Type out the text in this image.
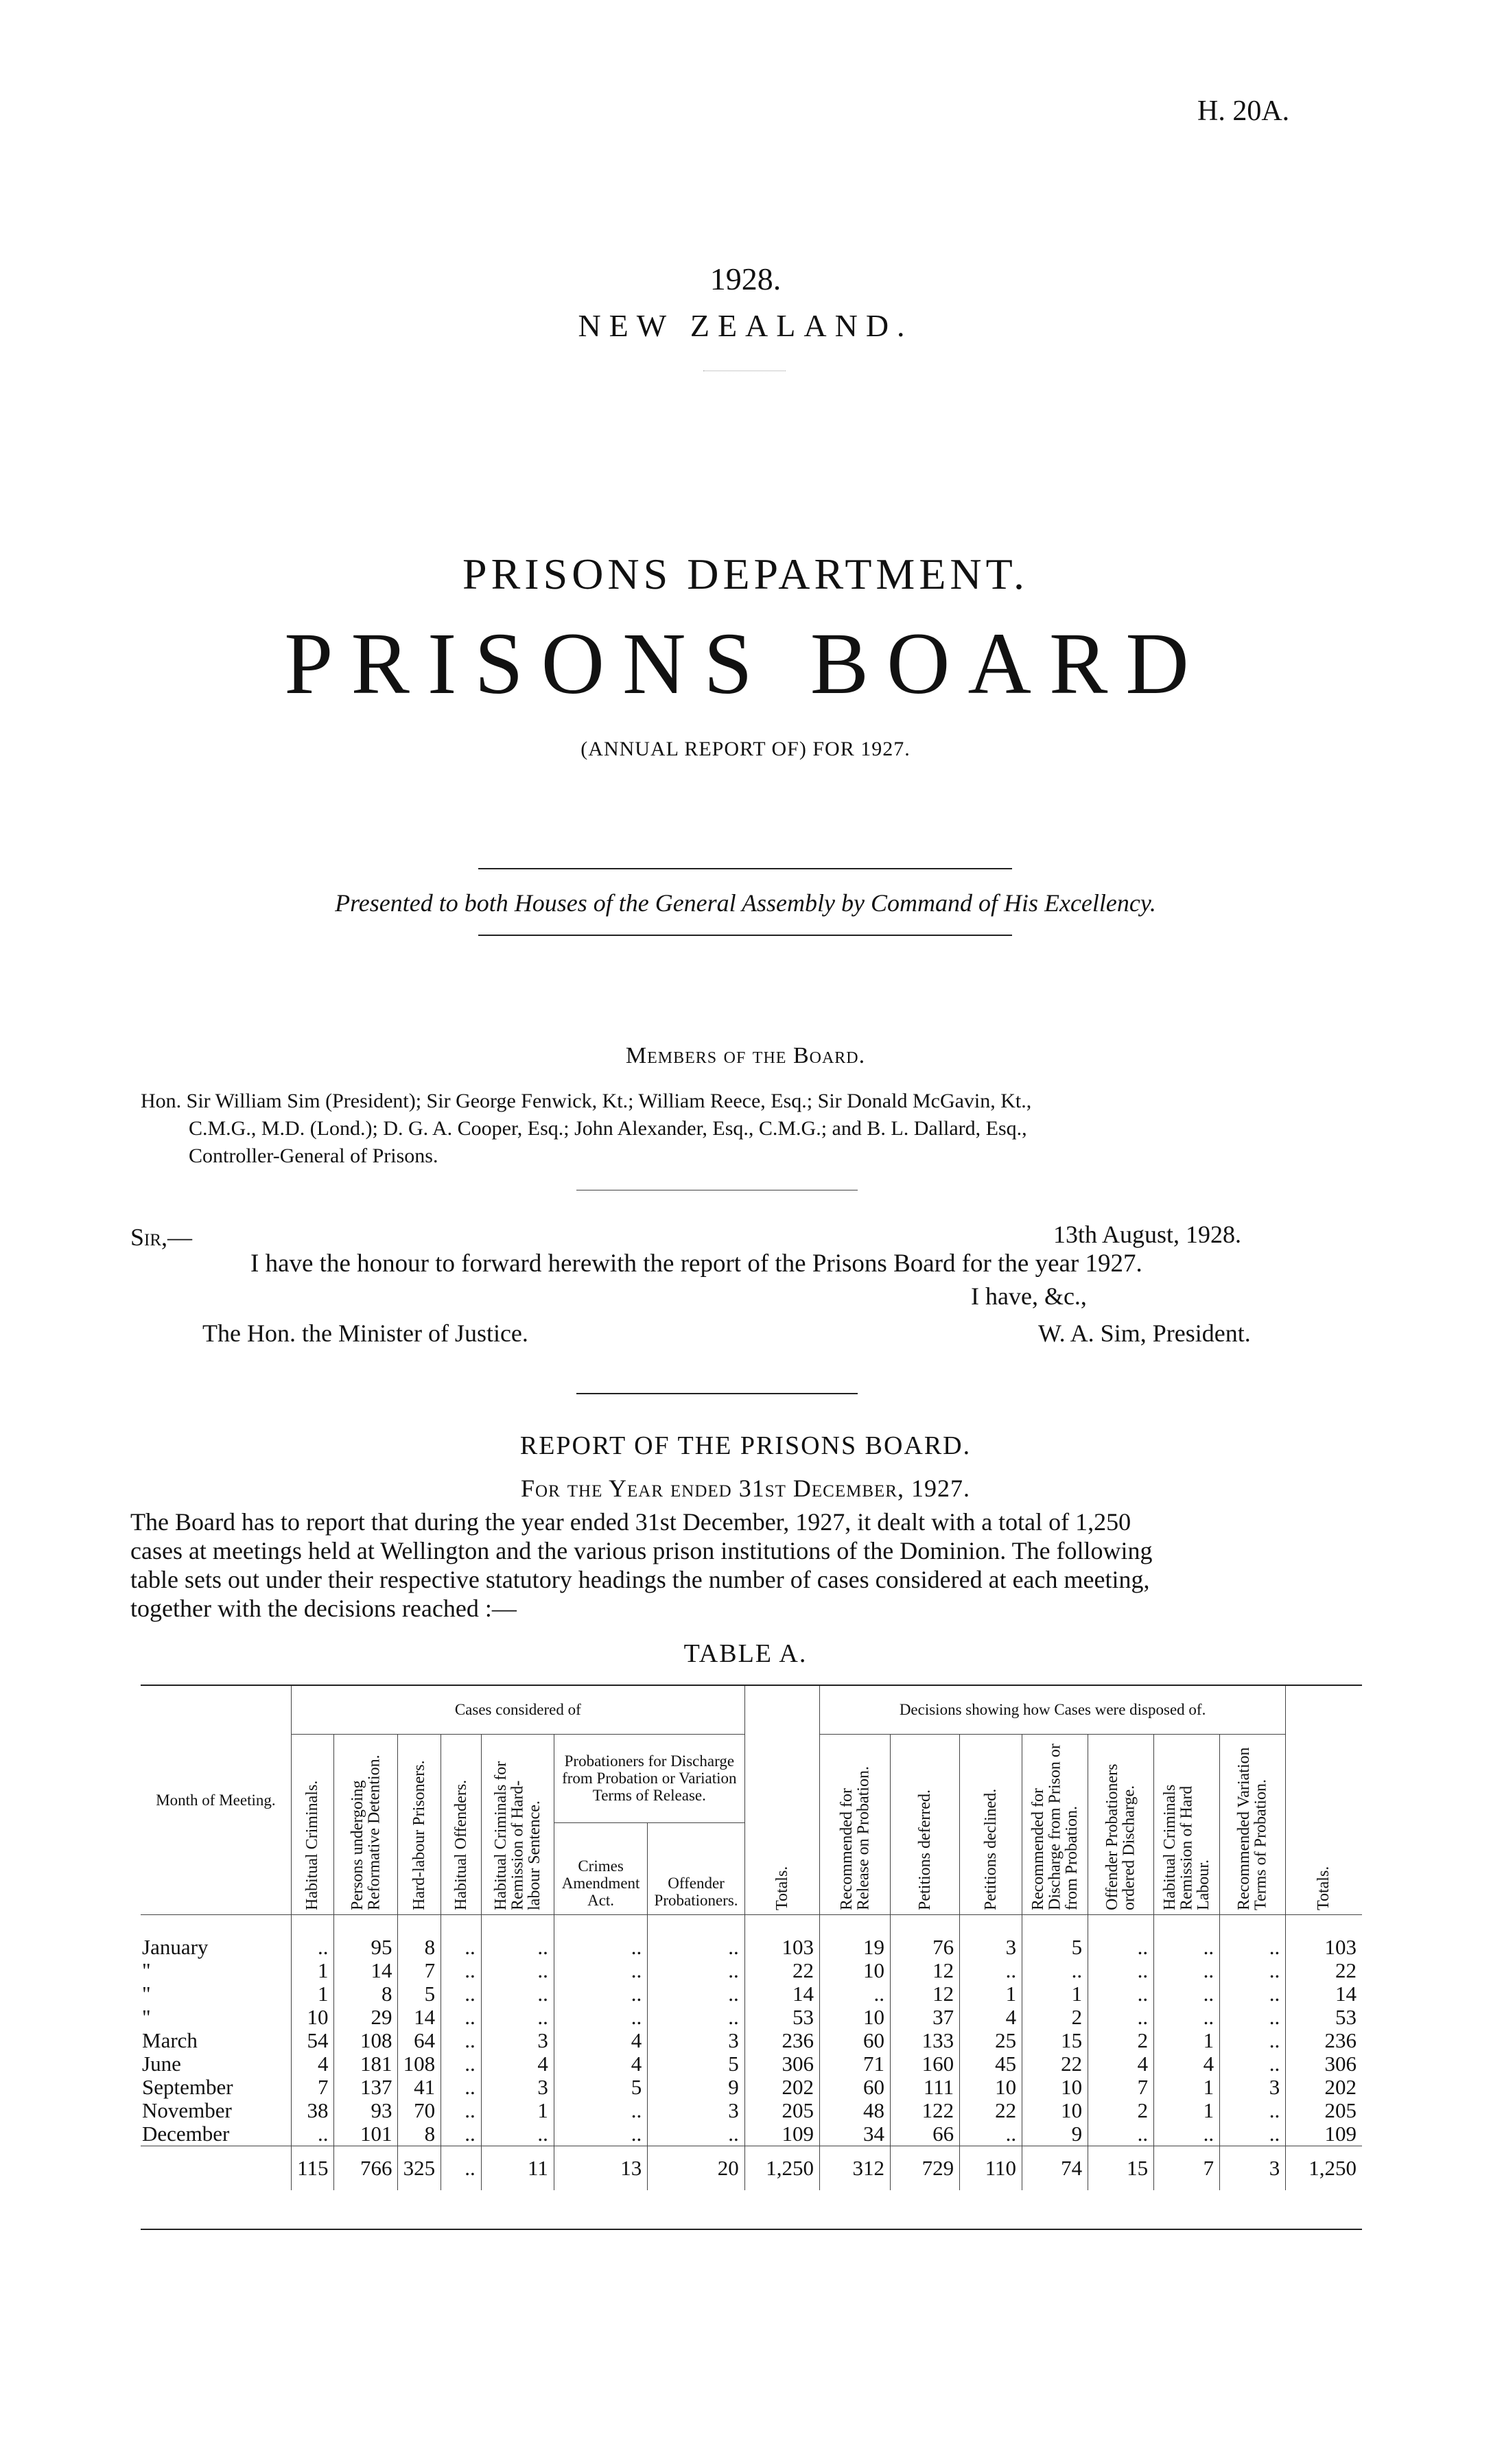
H. 20A.
1928.
NEW ZEALAND.
PRISONS DEPARTMENT.
PRISONS BOARD
(ANNUAL REPORT OF) FOR 1927.
Presented to both Houses of the General Assembly by Command of His Excellency.
Members of the Board.
Hon. Sir William Sim (President); Sir George Fenwick, Kt.; William Reece, Esq.; Sir Donald McGavin, Kt.,
C.M.G., M.D. (Lond.); D. G. A. Cooper, Esq.; John Alexander, Esq., C.M.G.; and B. L. Dallard, Esq.,
Controller-General of Prisons.
Sir,—	13th August, 1928.
I have the honour to forward herewith the report of the Prisons Board for the year 1927.
I have, &c.,
The Hon. the Minister of Justice.	W. A. Sim, President.
REPORT OF THE PRISONS BOARD.
For the Year ended 31st December, 1927.
The Board has to report that during the year ended 31st December, 1927, it dealt with a total of 1,250
cases at meetings held at Wellington and the various prison institutions of the Dominion. The following
table sets out under their respective statutory headings the number of cases considered at each meeting,
together with the decisions reached :—
TABLE A.
Month of Meeting.	Cases considered of							Totals.	Decisions showing how Cases were disposed of.							Totals.

	Habitual Criminals.	Persons undergoing Reformative Detention.	Hard-labour Prisoners.	Habitual Offenders.	Habitual Criminals for Remission of Hard-labour Sentence.	Probationers for Discharge from Probation or Variation Terms of Release.			Recommended for Release on Probation.	Petitions deferred.	Petitions declined.	Recommended for Discharge from Prison or from Probation.	Offender Probationers ordered Discharge.	Habitual Criminals Remission of Hard Labour.	Recommended Variation Terms of Probation.	

						Crimes Amendment Act.	Offender Probationers.									

January	..	95	8	..	..	..	..	103	19	76	3	5	..	..	..	103
"	1	14	7	..	..	..	..	22	10	12	..	..	..	..	..	22
"	1	8	5	..	..	..	..	14	..	12	1	1	..	..	..	14
"	10	29	14	..	..	..	..	53	10	37	4	2	..	..	..	53
March	54	108	64	..	3	4	3	236	60	133	25	15	2	1	..	236
June	4	181	108	..	4	4	5	306	71	160	45	22	4	4	..	306
September	7	137	41	..	3	5	9	202	60	111	10	10	7	1	3	202
November	38	93	70	..	1	..	3	205	48	122	22	10	2	1	..	205
December	..	101	8	..	..	..	..	109	34	66	..	9	..	..	..	109
	115	766	325	..	11	13	20	1,250	312	729	110	74	15	7	3	1,250
